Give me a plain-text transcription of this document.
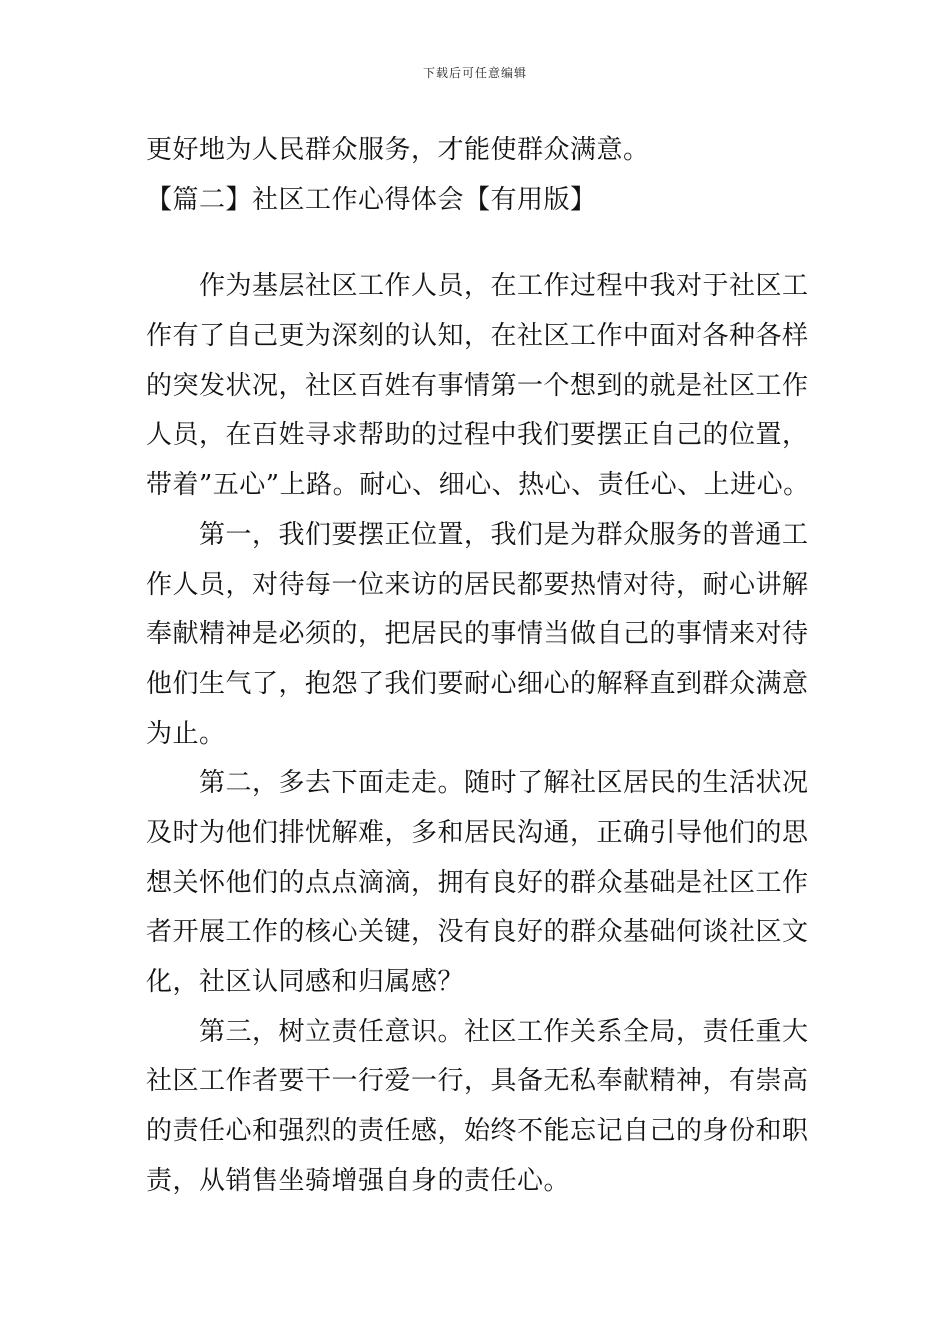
下载后可任意编辑
更好地为人民群众服务，才能使群众满意。
【篇二】社区工作心得体会【有用版】
　　作为基层社区工作人员，在工作过程中我对于社区工
作有了自己更为深刻的认知，在社区工作中面对各种各样
的突发状况，社区百姓有事情第一个想到的就是社区工作
人员，在百姓寻求帮助的过程中我们要摆正自己的位置，
带着”五心”上路。耐心、细心、热心、责任心、上进心。
　　第一，我们要摆正位置，我们是为群众服务的普通工
作人员，对待每一位来访的居民都要热情对待，耐心讲解
奉献精神是必须的，把居民的事情当做自己的事情来对待
他们生气了，抱怨了我们要耐心细心的解释直到群众满意
为止。
　　第二，多去下面走走。随时了解社区居民的生活状况
及时为他们排忧解难，多和居民沟通，正确引导他们的思
想关怀他们的点点滴滴，拥有良好的群众基础是社区工作
者开展工作的核心关键，没有良好的群众基础何谈社区文
化，社区认同感和归属感？
　　第三，树立责任意识。社区工作关系全局，责任重大
社区工作者要干一行爱一行，具备无私奉献精神，有崇高
的责任心和强烈的责任感，始终不能忘记自己的身份和职
责，从销售坐骑增强自身的责任心。
